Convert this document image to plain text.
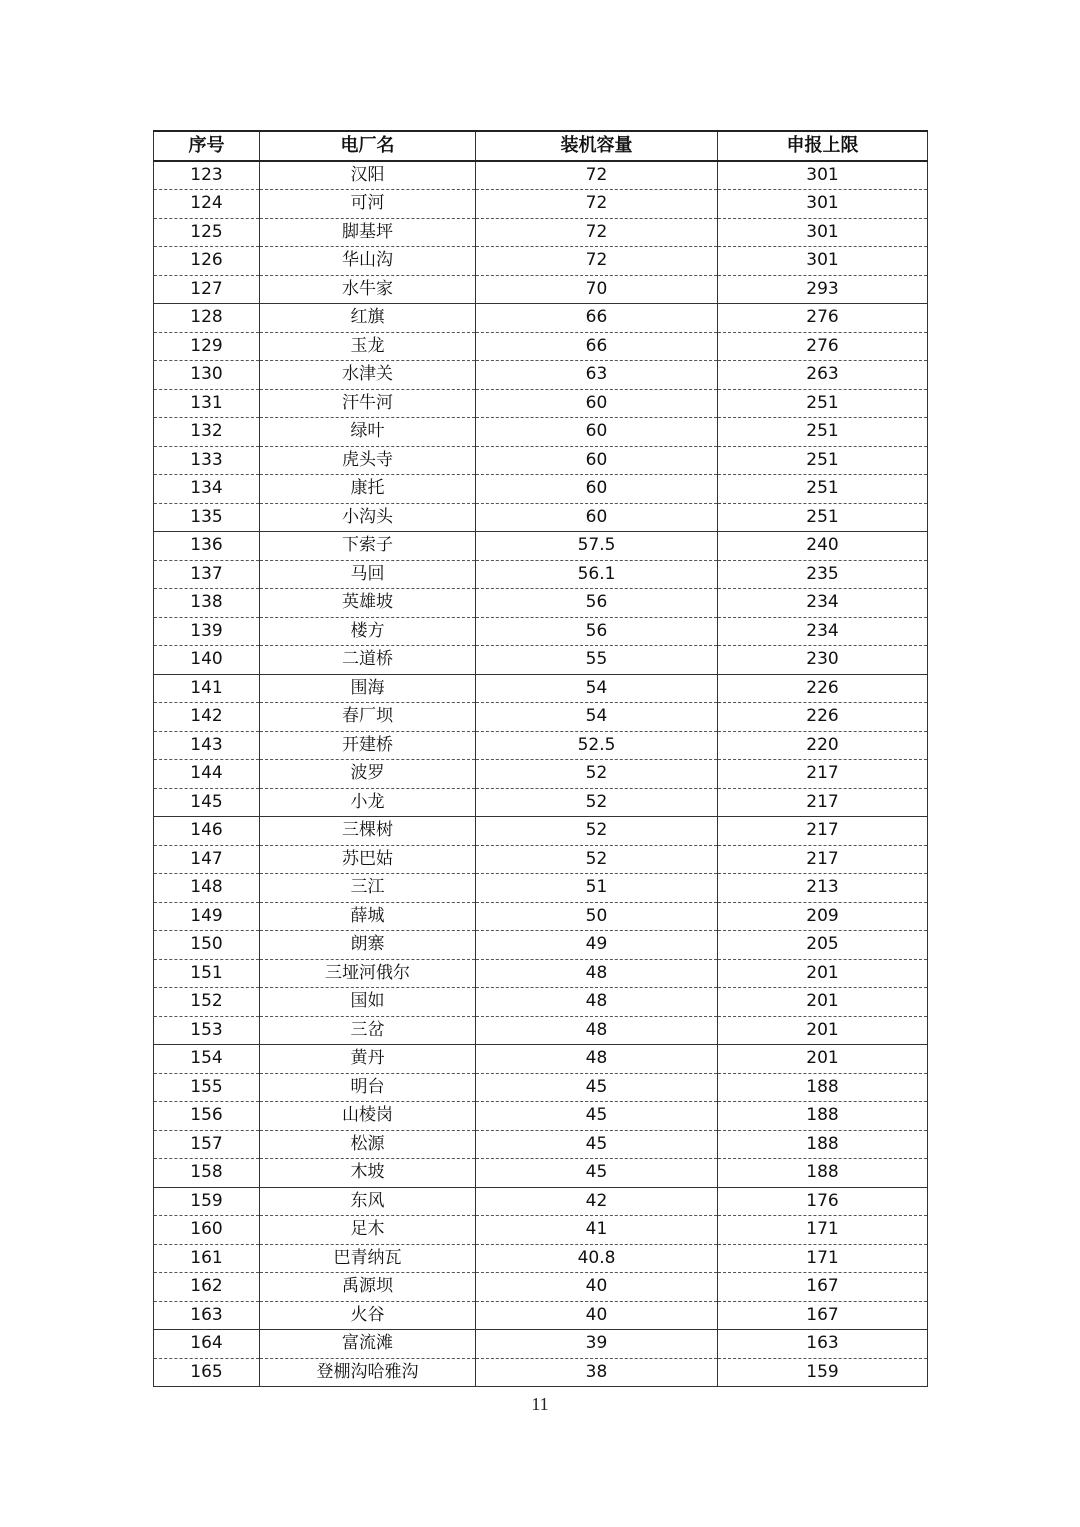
序号	电厂名	装机容量	申报上限
123	汉阳	72	301
124	可河	72	301
125	脚基坪	72	301
126	华山沟	72	301
127	水牛家	70	293
128	红旗	66	276
129	玉龙	66	276
130	水津关	63	263
131	汗牛河	60	251
132	绿叶	60	251
133	虎头寺	60	251
134	康托	60	251
135	小沟头	60	251
136	下索子	57.5	240
137	马回	56.1	235
138	英雄坡	56	234
139	楼方	56	234
140	二道桥	55	230
141	围海	54	226
142	春厂坝	54	226
143	开建桥	52.5	220
144	波罗	52	217
145	小龙	52	217
146	三棵树	52	217
147	苏巴姑	52	217
148	三江	51	213
149	薛城	50	209
150	朗寨	49	205
151	三垭河俄尔	48	201
152	国如	48	201
153	三岔	48	201
154	黄丹	48	201
155	明台	45	188
156	山棱岗	45	188
157	松源	45	188
158	木坡	45	188
159	东风	42	176
160	足木	41	171
161	巴青纳瓦	40.8	171
162	禹源坝	40	167
163	火谷	40	167
164	富流滩	39	163
165	登棚沟哈雅沟	38	159
11
